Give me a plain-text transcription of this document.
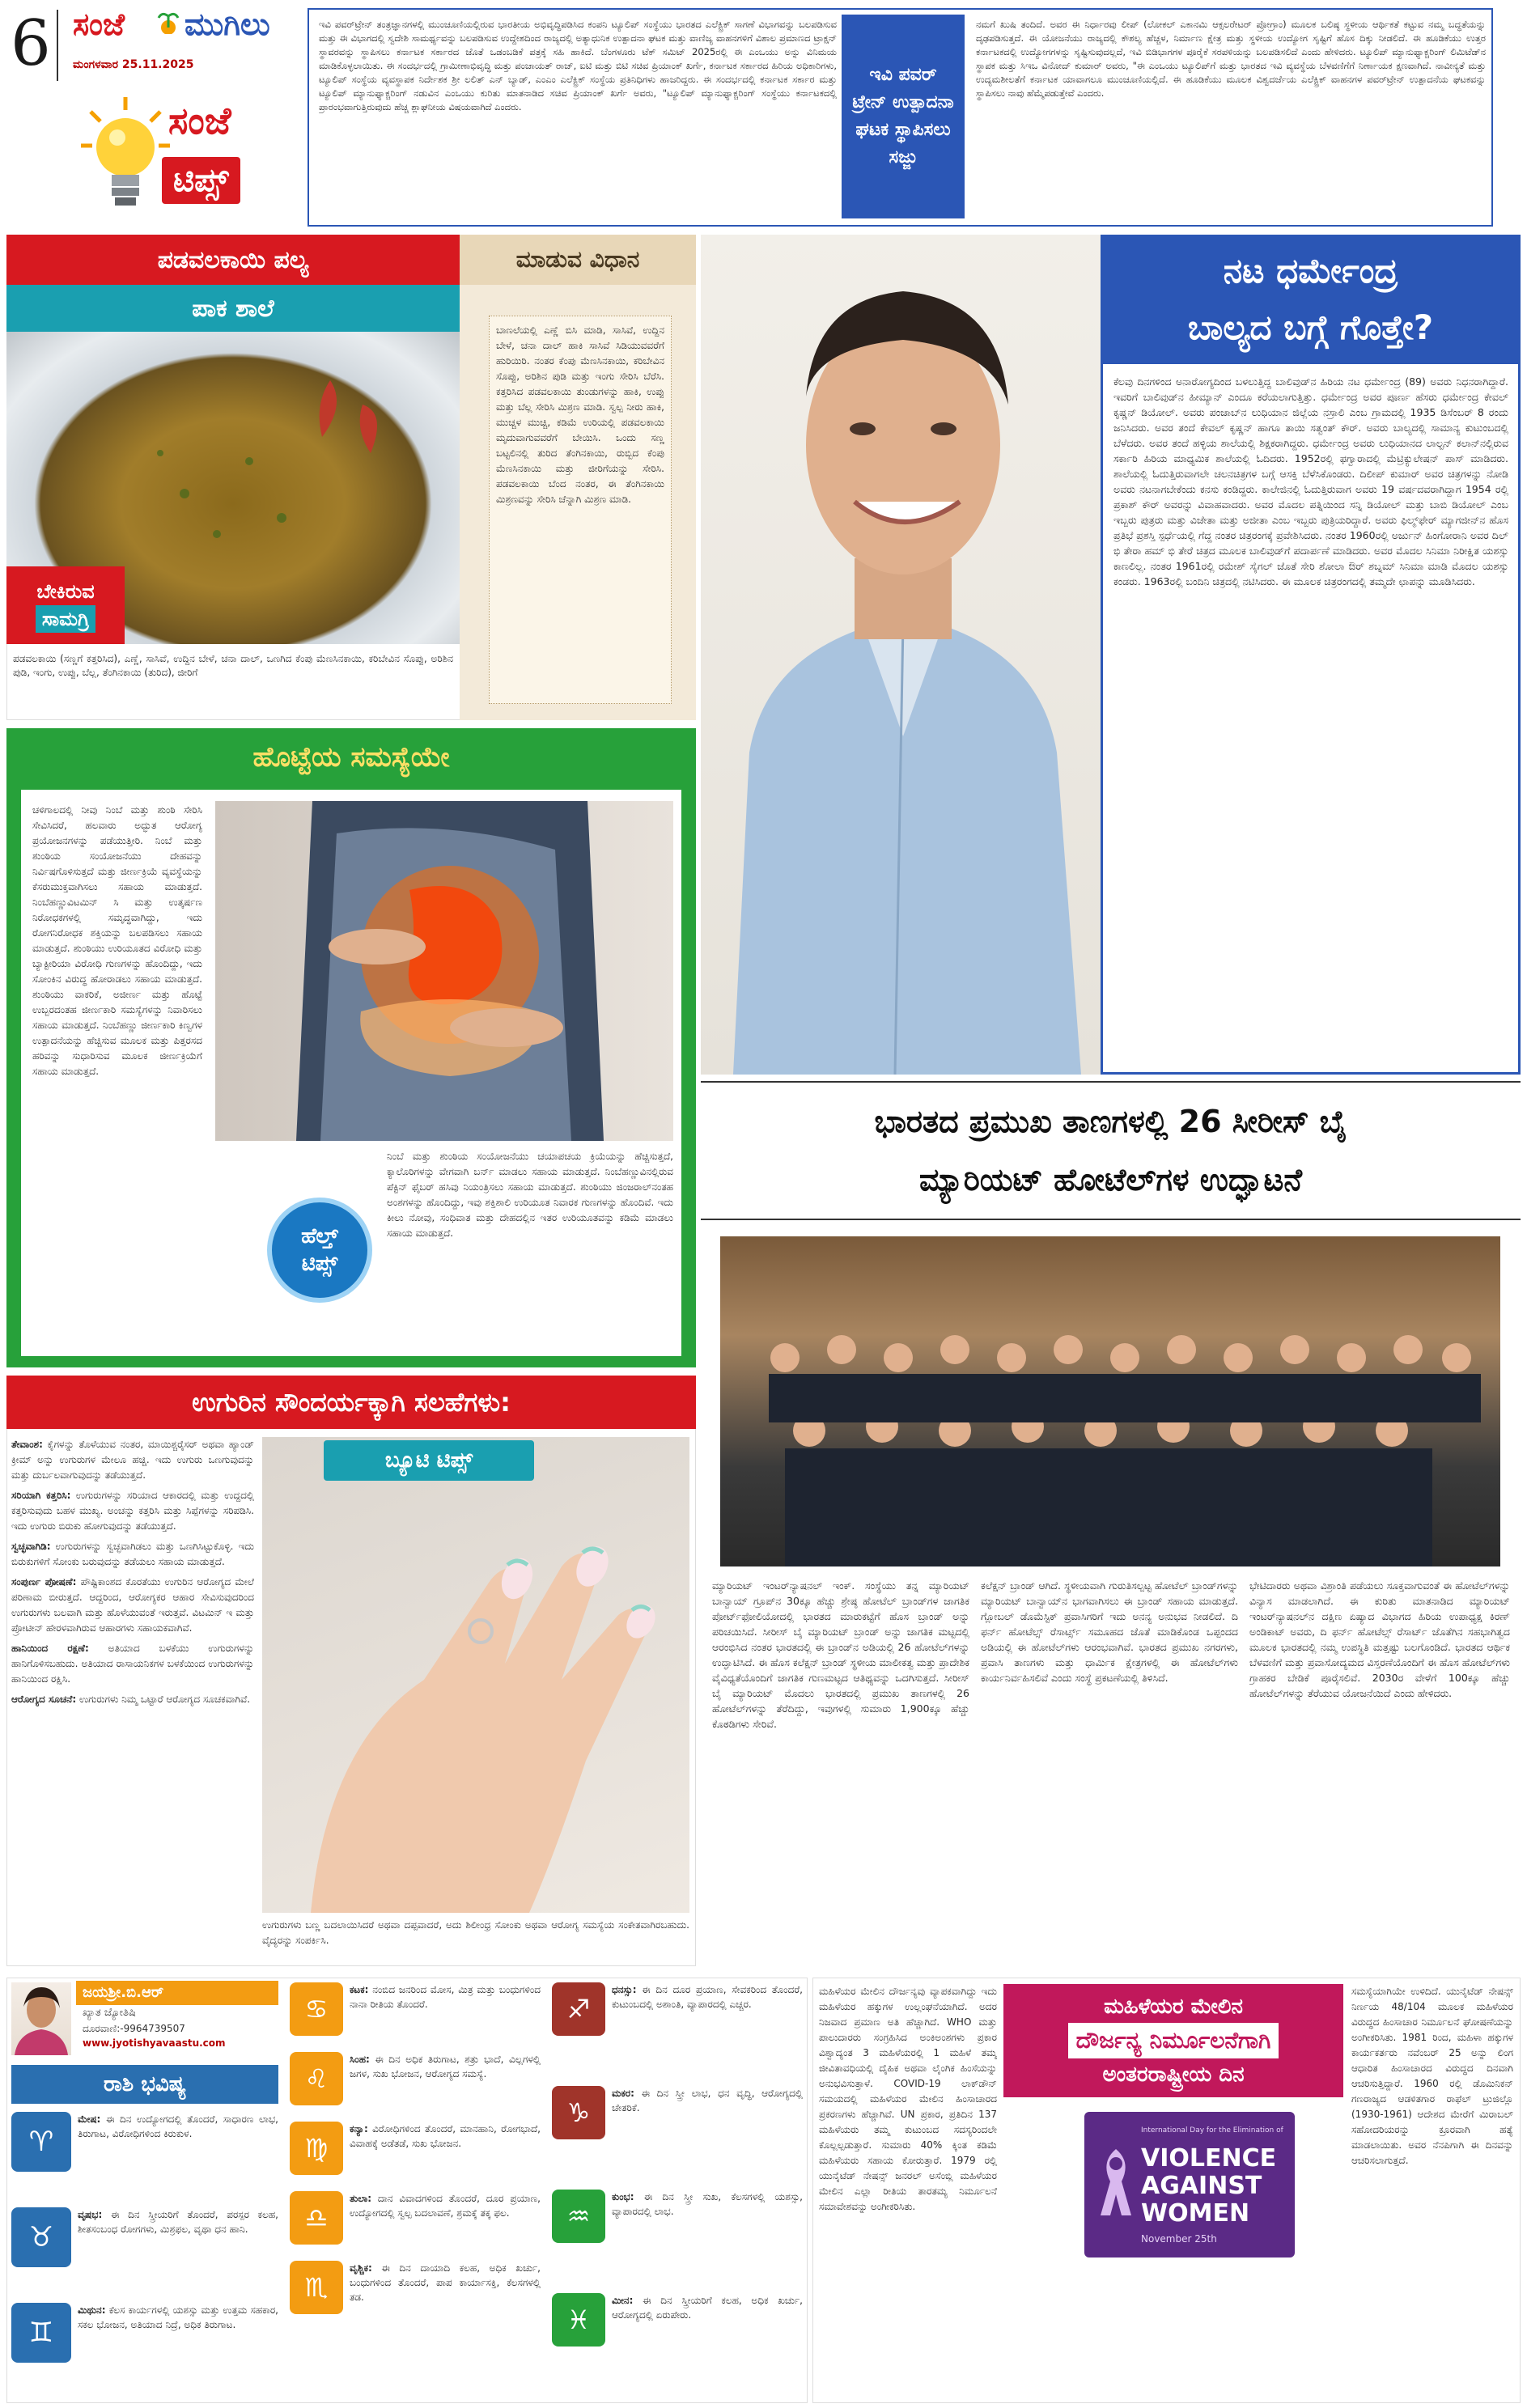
6 ಸಂಜೆ ಮುಗಿಲು
ಮಂಗಳವಾರ 25.11.2025
ಸಂಜೆ
ಟಿಪ್ಸ್
ಇವಿ ಪವರ್‌ಟ್ರೇನ್ ತಂತ್ರಜ್ಞಾನಗಳಲ್ಲಿ ಮುಂಚೂಣಿಯಲ್ಲಿರುವ ಭಾರತೀಯ ಅಭಿವೃದ್ಧಿಪಡಿಸಿದ ಕಂಪನಿ ಟ್ಯೂಲಿಪ್ ಸಂಸ್ಥೆಯು ಭಾರತದ ಎಲೆಕ್ಟ್ರಿಕ್ ಸಾಗಣೆ ವಿಭಾಗವನ್ನು ಬಲಪಡಿಸುವ ಮತ್ತು ಈ ವಿಭಾಗದಲ್ಲಿ ಸ್ವದೇಶಿ ಸಾಮರ್ಥ್ಯವನ್ನು ಬಲಪಡಿಸುವ ಉದ್ದೇಶದಿಂದ ರಾಜ್ಯದಲ್ಲಿ ಅತ್ಯಾಧುನಿಕ ಉತ್ಪಾದನಾ ಘಟಕ ಮತ್ತು ವಾಣಿಜ್ಯ ವಾಹನಗಳಿಗೆ ವಿಶಾಲ ಪ್ರಮಾಣದ ಟ್ರಾಕ್ಷನ್ ಸ್ಥಾವರವನ್ನು ಸ್ಥಾಪಿಸಲು ಕರ್ನಾಟಕ ಸರ್ಕಾರದ ಜೊತೆ ಒಡಂಬಡಿಕೆ ಪತ್ರಕ್ಕೆ ಸಹಿ ಹಾಕಿದೆ. ಬೆಂಗಳೂರು ಟೆಕ್ ಸಮಿಟ್ 2025ರಲ್ಲಿ ಈ ಎಂಒಯು ಅನ್ನು ವಿನಿಮಯ ಮಾಡಿಕೊಳ್ಳಲಾಯಿತು. ಈ ಸಂದರ್ಭದಲ್ಲಿ ಗ್ರಾಮೀಣಾಭಿವೃದ್ಧಿ ಮತ್ತು ಪಂಚಾಯತ್ ರಾಜ್, ಐಟಿ ಮತ್ತು ಬಿಟಿ ಸಚಿವ ಪ್ರಿಯಾಂಕ್ ಖರ್ಗೆ, ಕರ್ನಾಟಕ ಸರ್ಕಾರದ ಹಿರಿಯ ಅಧಿಕಾರಿಗಳು, ಟ್ಯೂಲಿಪ್ ಸಂಸ್ಥೆಯ ವ್ಯವಸ್ಥಾಪಕ ನಿರ್ದೇಶಕ ಶ್ರೀ ಲಲಿತ್ ಎನ್ ಬ್ಯಾಡ್, ಎಂಎಂ ಎಲೆಕ್ಟ್ರಿಕ್ ಸಂಸ್ಥೆಯ ಪ್ರತಿನಿಧಿಗಳು ಹಾಜರಿದ್ದರು. ಈ ಸಂದರ್ಭದಲ್ಲಿ ಕರ್ನಾಟಕ ಸರ್ಕಾರ ಮತ್ತು ಟ್ಯೂಲಿಪ್ ಮ್ಯಾನುಫ್ಯಾಕ್ಚರಿಂಗ್ ನಡುವಿನ ಎಂಒಯು ಕುರಿತು ಮಾತನಾಡಿದ ಸಚಿವ ಪ್ರಿಯಾಂಕ್ ಖರ್ಗೆ ಅವರು, "ಟ್ಯೂಲಿಪ್ ಮ್ಯಾನುಫ್ಯಾಕ್ಚರಿಂಗ್ ಸಂಸ್ಥೆಯು ಕರ್ನಾಟಕದಲ್ಲಿ ಪ್ರಾರಂಭವಾಗುತ್ತಿರುವುದು ಹೆಚ್ಚ ಶ್ಲಾಘನೀಯ ವಿಷಯವಾಗಿದೆ ಎಂದರು.
ನಮಗೆ ಖುಷಿ ತಂದಿದೆ. ಅವರ ಈ ನಿರ್ಧಾರವು ಲೀಪ್ (ಲೋಕಲ್ ಎಕಾನಮಿ ಆಕ್ಸಲರೇಟರ್ ಪ್ರೋಗ್ರಾಂ) ಮೂಲಕ ಬಲಿಷ್ಠ ಸ್ಥಳೀಯ ಆರ್ಥಿಕತೆ ಕಟ್ಟುವ ನಮ್ಮ ಬದ್ಧತೆಯನ್ನು ದೃಢಪಡಿಸುತ್ತದೆ. ಈ ಯೋಜನೆಯು ರಾಜ್ಯದಲ್ಲಿ ಕೌಶಲ್ಯ ಹೆಚ್ಚಳ, ನಿರ್ಮಾಣ ಕ್ಷೇತ್ರ ಮತ್ತು ಸ್ಥಳೀಯ ಉದ್ಯೋಗ ಸೃಷ್ಟಿಗೆ ಹೊಸ ದಿಕ್ಕು ನೀಡಲಿದೆ. ಈ ಹೂಡಿಕೆಯು ಉತ್ತರ ಕರ್ನಾಟಕದಲ್ಲಿ ಉದ್ಯೋಗಗಳನ್ನು ಸೃಷ್ಟಿಸುವುದಲ್ಲದೆ, ಇವಿ ಬಿಡಿಭಾಗಗಳ ಪೂರೈಕೆ ಸರಪಳಿಯನ್ನು ಬಲಪಡಿಸಲಿದೆ ಎಂದು ಹೇಳಿದರು. ಟ್ಯೂಲಿಪ್ ಮ್ಯಾನುಫ್ಯಾಕ್ಚರಿಂಗ್ ಲಿಮಿಟೆಡ್‌ನ ಸ್ಥಾಪಕ ಮತ್ತು ಸಿಇಒ ವಿನೋದ್ ಕುಮಾರ್ ಅವರು, "ಈ ಎಂಒಯು ಟ್ಯೂಲಿಪ್‌ಗೆ ಮತ್ತು ಭಾರತದ ಇವಿ ವ್ಯವಸ್ಥೆಯ ಬೆಳವಣಿಗೆಗೆ ನಿರ್ಣಾಯಕ ಕ್ಷಣವಾಗಿದೆ. ನಾವೀನ್ಯತೆ ಮತ್ತು ಉದ್ಯಮಶೀಲತೆಗೆ ಕರ್ನಾಟಕ ಯಾವಾಗಲೂ ಮುಂಚೂಣಿಯಲ್ಲಿದೆ. ಈ ಹೂಡಿಕೆಯು ಮೂಲಕ ವಿಶ್ವದರ್ಜೆಯ ಎಲೆಕ್ಟ್ರಿಕ್ ವಾಹನಗಳ ಪವರ್‌ಟ್ರೇನ್ ಉತ್ಪಾದನೆಯ ಘಟಕವನ್ನು ಸ್ಥಾಪಿಸಲು ನಾವು ಹೆಮ್ಮೆಪಡುತ್ತೇವೆ ಎಂದರು.
ಇವಿ ಪವರ್ ಟ್ರೇನ್ ಉತ್ಪಾದನಾ ಘಟಕ ಸ್ಥಾಪಿಸಲು ಸಜ್ಜು
ಪಡವಲಕಾಯಿ ಪಲ್ಯ	ಮಾಡುವ ವಿಧಾನ
ಪಾಕ ಶಾಲೆ
ಬೇಕಿರುವ
ಸಾಮಗ್ರಿ
ಪಡವಲಕಾಯಿ (ಸಣ್ಣಗೆ ಕತ್ತರಿಸಿದ), ಎಣ್ಣೆ, ಸಾಸಿವೆ, ಉದ್ದಿನ ಬೇಳೆ, ಚನಾ ದಾಲ್, ಒಣಗಿದ ಕೆಂಪು ಮೆಣಸಿನಕಾಯಿ, ಕರಿಬೇವಿನ ಸೊಪ್ಪು, ಅರಿಶಿನ ಪುಡಿ, ಇಂಗು, ಉಪ್ಪು, ಬೆಲ್ಲ, ತೆಂಗಿನಕಾಯಿ (ತುರಿದ), ಜೀರಿಗೆ
ಬಾಣಲೆಯಲ್ಲಿ ಎಣ್ಣೆ ಬಿಸಿ ಮಾಡಿ, ಸಾಸಿವೆ, ಉದ್ದಿನ ಬೇಳೆ, ಚನಾ ದಾಲ್ ಹಾಕಿ ಸಾಸಿವೆ ಸಿಡಿಯುವವರೆಗೆ ಹುರಿಯಿರಿ. ನಂತರ ಕೆಂಪು ಮೆಣಸಿನಕಾಯಿ, ಕರಿಬೇವಿನ ಸೊಪ್ಪು, ಅರಿಶಿನ ಪುಡಿ ಮತ್ತು ಇಂಗು ಸೇರಿಸಿ ಬೆರೆಸಿ. ಕತ್ತರಿಸಿದ ಪಡವಲಕಾಯಿ ತುಂಡುಗಳನ್ನು ಹಾಕಿ, ಉಪ್ಪು ಮತ್ತು ಬೆಲ್ಲ ಸೇರಿಸಿ ಮಿಶ್ರಣ ಮಾಡಿ. ಸ್ವಲ್ಪ ನೀರು ಹಾಕಿ, ಮುಚ್ಚಳ ಮುಚ್ಚಿ, ಕಡಿಮೆ ಉರಿಯಲ್ಲಿ ಪಡವಲಕಾಯಿ ಮೃದುವಾಗುವವರೆಗೆ ಬೇಯಿಸಿ. ಒಂದು ಸಣ್ಣ ಬಟ್ಟಲಿನಲ್ಲಿ ತುರಿದ ತೆಂಗಿನಕಾಯಿ, ರುಬ್ಬಿದ ಕೆಂಪು ಮೆಣಸಿನಕಾಯಿ ಮತ್ತು ಜೀರಿಗೆಯನ್ನು ಸೇರಿಸಿ. ಪಡವಲಕಾಯಿ ಬೆಂದ ನಂತರ, ಈ ತೆಂಗಿನಕಾಯಿ ಮಿಶ್ರಣವನ್ನು ಸೇರಿಸಿ ಚೆನ್ನಾಗಿ ಮಿಶ್ರಣ ಮಾಡಿ.
ನಟ ಧರ್ಮೇಂದ್ರ
ಬಾಲ್ಯದ ಬಗ್ಗೆ ಗೊತ್ತೇ?
ಕೆಲವು ದಿನಗಳಿಂದ ಅನಾರೋಗ್ಯದಿಂದ ಬಳಲುತ್ತಿದ್ದ ಬಾಲಿವುಡ್‌ನ ಹಿರಿಯ ನಟ ಧರ್ಮೇಂದ್ರ (89) ಅವರು ನಿಧನರಾಗಿದ್ದಾರೆ. ಇವರಿಗೆ ಬಾಲಿವುಡ್‌ನ ಹೀಮ್ಯಾನ್ ಎಂದೂ ಕರೆಯಲಾಗುತ್ತಿತ್ತು. ಧರ್ಮೇಂದ್ರ ಅವರ ಪೂರ್ಣ ಹೆಸರು ಧರ್ಮೇಂದ್ರ ಕೇವಲ್ ಕೃಷ್ಣನ್ ಡಿಯೋಲ್. ಅವರು ಪಂಜಾಬ್‌ನ ಲುಧಿಯಾನ ಜಿಲ್ಲೆಯ ನಸ್ರಾಲಿ ಎಂಬ ಗ್ರಾಮದಲ್ಲಿ 1935 ಡಿಸೆಂಬರ್ 8 ರಂದು ಜನಿಸಿದರು. ಅವರ ತಂದೆ ಕೇವಲ್ ಕೃಷ್ಣನ್ ಹಾಗೂ ತಾಯಿ ಸತ್ವಂತ್ ಕೌರ್. ಅವರು ಬಾಲ್ಯದಲ್ಲಿ ಸಾಮಾನ್ಯ ಕುಟುಂಬದಲ್ಲಿ ಬೆಳೆದರು. ಅವರ ತಂದೆ ಹಳ್ಳಿಯ ಶಾಲೆಯಲ್ಲಿ ಶಿಕ್ಷಕರಾಗಿದ್ದರು. ಧರ್ಮೇಂದ್ರ ಅವರು ಲುಧಿಯಾನದ ಲಾಲ್ಟನ್ ಕಲಾನ್‌ನಲ್ಲಿರುವ ಸರ್ಕಾರಿ ಹಿರಿಯ ಮಾಧ್ಯಮಿಕ ಶಾಲೆಯಲ್ಲಿ ಓದಿದರು. 1952ರಲ್ಲಿ ಫಗ್ವಾರಾದಲ್ಲಿ ಮೆಟ್ರಿಕ್ಯುಲೇಷನ್ ಪಾಸ್ ಮಾಡಿದರು. ಶಾಲೆಯಲ್ಲಿ ಓದುತ್ತಿರುವಾಗಲೇ ಚಲನಚಿತ್ರಗಳ ಬಗ್ಗೆ ಆಸಕ್ತಿ ಬೆಳೆಸಿಕೊಂಡರು. ದಿಲೀಪ್ ಕುಮಾರ್ ಅವರ ಚಿತ್ರಗಳನ್ನು ನೋಡಿ ಅವರು ನಟನಾಗಬೇಕೆಂದು ಕನಸು ಕಂಡಿದ್ದರು. ಕಾಲೇಜಿನಲ್ಲಿ ಓದುತ್ತಿರುವಾಗ ಅವರು 19 ವರ್ಷದವರಾಗಿದ್ದಾಗ 1954 ರಲ್ಲಿ ಪ್ರಕಾಶ್ ಕೌರ್ ಅವರನ್ನು ವಿವಾಹವಾದರು. ಅವರ ಮೊದಲ ಪತ್ನಿಯಿಂದ ಸನ್ನಿ ಡಿಯೋಲ್ ಮತ್ತು ಬಾಬಿ ಡಿಯೋಲ್ ಎಂಬ ಇಬ್ಬರು ಪುತ್ರರು ಮತ್ತು ವಿಜೇತಾ ಮತ್ತು ಅಜೀತಾ ಎಂಬ ಇಬ್ಬರು ಪುತ್ರಿಯರಿದ್ದಾರೆ. ಅವರು ಫಿಲ್ಮ್‌ಫೇರ್ ಮ್ಯಾಗಜೀನ್‌ನ ಹೊಸ ಪ್ರತಿಭೆ ಪ್ರಶಸ್ತಿ ಸ್ಪರ್ಧೆಯಲ್ಲಿ ಗೆದ್ದ ನಂತರ ಚಿತ್ರರಂಗಕ್ಕೆ ಪ್ರವೇಶಿಸಿದರು. ನಂತರ 1960ರಲ್ಲಿ ಅರ್ಜುನ್ ಹಿಂಗೋರಾನಿ ಅವರ ದಿಲ್ ಭಿ ತೇರಾ ಹಮ್ ಭಿ ತೇರೆ ಚಿತ್ರದ ಮೂಲಕ ಬಾಲಿವುಡ್‌ಗೆ ಪದಾರ್ಪಣೆ ಮಾಡಿದರು. ಅವರ ಮೊದಲ ಸಿನಿಮಾ ನಿರೀಕ್ಷಿತ ಯಶಸ್ಸು ಕಾಣಲಿಲ್ಲ. ನಂತರ 1961ರಲ್ಲಿ ರಮೇಶ್ ಸೈಗಲ್ ಜೊತೆ ಸೇರಿ ಶೋಲಾ ಔರ್ ಶಬ್ನಮ್ ಸಿನಿಮಾ ಮಾಡಿ ಮೊದಲ ಯಶಸ್ಸು ಕಂಡರು. 1963ರಲ್ಲಿ ಬಂದಿನಿ ಚಿತ್ರದಲ್ಲಿ ನಟಿಸಿದರು. ಈ ಮೂಲಕ ಚಿತ್ರರಂಗದಲ್ಲಿ ತಮ್ಮದೇ ಛಾಪನ್ನು ಮೂಡಿಸಿದರು.
ಹೊಟ್ಟೆಯ ಸಮಸ್ಯೆಯೇ
ಚಳಿಗಾಲದಲ್ಲಿ ನೀವು ನಿಂಬೆ ಮತ್ತು ಶುಂಠಿ ಸೇರಿಸಿ ಸೇವಿಸಿದರೆ, ಹಲವಾರು ಅದ್ಭುತ ಆರೋಗ್ಯ ಪ್ರಯೋಜನಗಳನ್ನು ಪಡೆಯುತ್ತೀರಿ. ನಿಂಬೆ ಮತ್ತು ಶುಂಠಿಯ ಸಂಯೋಜನೆಯು ದೇಹವನ್ನು ನಿರ್ವಿಷಗೊಳಿಸುತ್ತದೆ ಮತ್ತು ಜೀರ್ಣಕ್ರಿಯೆ ವ್ಯವಸ್ಥೆಯನ್ನು ಕೆಸರುಮುಕ್ತವಾಗಿಸಲು ಸಹಾಯ ಮಾಡುತ್ತದೆ. ನಿಂಬೆಹಣ್ಣುವಿಟಮಿನ್ ಸಿ ಮತ್ತು ಉತ್ಕರ್ಷಣ ನಿರೋಧಕಗಳಲ್ಲಿ ಸಮೃದ್ಧವಾಗಿದ್ದು, ಇದು ರೋಗನಿರೋಧಕ ಶಕ್ತಿಯನ್ನು ಬಲಪಡಿಸಲು ಸಹಾಯ ಮಾಡುತ್ತದೆ. ಶುಂಠಿಯು ಉರಿಯೂತದ ವಿರೋಧಿ ಮತ್ತು ಬ್ಯಾಕ್ಟೀರಿಯಾ ವಿರೋಧಿ ಗುಣಗಳನ್ನು ಹೊಂದಿದ್ದು, ಇದು ಸೋಂಕಿನ ವಿರುದ್ಧ ಹೋರಾಡಲು ಸಹಾಯ ಮಾಡುತ್ತದೆ. ಶುಂಠಿಯು ವಾಕರಿಕೆ, ಅಜೀರ್ಣ ಮತ್ತು ಹೊಟ್ಟೆ ಉಬ್ಬರದಂತಹ ಜೀರ್ಣಕಾರಿ ಸಮಸ್ಯೆಗಳನ್ನು ನಿವಾರಿಸಲು ಸಹಾಯ ಮಾಡುತ್ತದೆ. ನಿಂಬೆಹಣ್ಣು ಜೀರ್ಣಕಾರಿ ಕಿಣ್ವಗಳ ಉತ್ಪಾದನೆಯನ್ನು ಹೆಚ್ಚಿಸುವ ಮೂಲಕ ಮತ್ತು ಪಿತ್ತರಸದ ಹರಿವನ್ನು ಸುಧಾರಿಸುವ ಮೂಲಕ ಜೀರ್ಣಕ್ರಿಯೆಗೆ ಸಹಾಯ ಮಾಡುತ್ತದೆ.
ಹೆಲ್ತ್
ಟಿಪ್ಸ್
ನಿಂಬೆ ಮತ್ತು ಶುಂಠಿಯ ಸಂಯೋಜನೆಯು ಚಯಾಪಚಯ ಕ್ರಿಯೆಯನ್ನು ಹೆಚ್ಚಿಸುತ್ತದೆ, ಕ್ಯಾಲೊರಿಗಳನ್ನು ವೇಗವಾಗಿ ಬರ್ನ್ ಮಾಡಲು ಸಹಾಯ ಮಾಡುತ್ತದೆ. ನಿಂಬೆಹಣ್ಣುವಿನಲ್ಲಿರುವ ಪೆಕ್ಟಿನ್ ಫೈಬರ್ ಹಸಿವು ನಿಯಂತ್ರಿಸಲು ಸಹಾಯ ಮಾಡುತ್ತದೆ. ಶುಂಠಿಯು ಜಿಂಜರಾಲ್‌ನಂತಹ ಅಂಶಗಳನ್ನು ಹೊಂದಿದ್ದು, ಇವು ಶಕ್ತಿಶಾಲಿ ಉರಿಯೂತ ನಿವಾರಕ ಗುಣಗಳನ್ನು ಹೊಂದಿವೆ. ಇದು ಕೀಲು ನೋವು, ಸಂಧಿವಾತ ಮತ್ತು ದೇಹದಲ್ಲಿನ ಇತರ ಉರಿಯೂತವನ್ನು ಕಡಿಮೆ ಮಾಡಲು ಸಹಾಯ ಮಾಡುತ್ತದೆ.
ಉಗುರಿನ ಸೌಂದರ್ಯಕ್ಕಾಗಿ ಸಲಹೆಗಳು:
ತೇವಾಂಶ: ಕೈಗಳನ್ನು ತೊಳೆಯುವ ನಂತರ, ಮಾಯಿಶ್ಚರೈಸರ್ ಅಥವಾ ಹ್ಯಾಂಡ್ ಕ್ರೀಮ್ ಅನ್ನು ಉಗುರುಗಳ ಮೇಲೂ ಹಚ್ಚಿ. ಇದು ಉಗುರು ಒಣಗುವುದನ್ನು ಮತ್ತು ದುರ್ಬಲವಾಗುವುದನ್ನು ತಡೆಯುತ್ತದೆ.
ಸರಿಯಾಗಿ ಕತ್ತರಿಸಿ: ಉಗುರುಗಳನ್ನು ಸರಿಯಾದ ಆಕಾರದಲ್ಲಿ ಮತ್ತು ಉದ್ದದಲ್ಲಿ ಕತ್ತರಿಸುವುದು ಬಹಳ ಮುಖ್ಯ. ಅಂಚನ್ನು ಕತ್ತರಿಸಿ ಮತ್ತು ಸಿಪ್ಪೆಗಳನ್ನು ಸರಿಪಡಿಸಿ. ಇದು ಉಗುರು ಬಿರುಕು ಹೋಗುವುದನ್ನು ತಡೆಯುತ್ತದೆ.
ಸ್ವಚ್ಛವಾಗಿಡಿ: ಉಗುರುಗಳನ್ನು ಸ್ವಚ್ಛವಾಗಿಡಲು ಮತ್ತು ಒಣಗಿಸಿಟ್ಟುಕೊಳ್ಳಿ. ಇದು ಬಿರುಕುಗಳಿಗೆ ಸೋಂಕು ಬರುವುದನ್ನು ತಡೆಯಲು ಸಹಾಯ ಮಾಡುತ್ತದೆ.
ಸಂಪುರ್ಣ ಪೋಷಣೆ: ಪೌಷ್ಟಿಕಾಂಶದ ಕೊರತೆಯು ಉಗುರಿನ ಆರೋಗ್ಯದ ಮೇಲೆ ಪರಿಣಾಮ ಬೀರುತ್ತದೆ. ಆದ್ದರಿಂದ, ಆರೋಗ್ಯಕರ ಆಹಾರ ಸೇವಿಸುವುದರಿಂದ ಉಗುರುಗಳು ಬಲವಾಗಿ ಮತ್ತು ಹೊಳೆಯುವಂತೆ ಇರುತ್ತವೆ. ವಿಟಮಿನ್ ಇ ಮತ್ತು ಪ್ರೋಟೀನ್ ಹೇರಳವಾಗಿರುವ ಆಹಾರಗಳು ಸಹಾಯಕವಾಗಿವೆ.
ಹಾನಿಯಿಂದ ರಕ್ಷಣೆ: ಅತಿಯಾದ ಬಳಕೆಯು ಉಗುರುಗಳನ್ನು ಹಾನಿಗೊಳಿಸಬಹುದು. ಅತಿಯಾದ ರಾಸಾಯನಿಕಗಳ ಬಳಕೆಯಿಂದ ಉಗುರುಗಳನ್ನು ಹಾನಿಯಿಂದ ರಕ್ಷಿಸಿ.
ಆರೋಗ್ಯದ ಸೂಚನೆ: ಉಗುರುಗಳು ನಿಮ್ಮ ಒಟ್ಟಾರೆ ಆರೋಗ್ಯದ ಸೂಚಕವಾಗಿವೆ.
ಬ್ಯೂಟಿ ಟಿಪ್ಸ್
ಉಗುರುಗಳು ಬಣ್ಣ ಬದಲಾಯಿಸಿದರೆ ಅಥವಾ ದಪ್ಪವಾದರೆ, ಅದು ಶಿಲೀಂಧ್ರ ಸೋಂಕು ಅಥವಾ ಆರೋಗ್ಯ ಸಮಸ್ಯೆಯ ಸಂಕೇತವಾಗಿರಬಹುದು. ವೈದ್ಯರನ್ನು ಸಂಪರ್ಕಿಸಿ.
ಭಾರತದ ಪ್ರಮುಖ ತಾಣಗಳಲ್ಲಿ 26 ಸೀರೀಸ್ ಬೈ
ಮ್ಯಾರಿಯಟ್ ಹೋಟೆಲ್‌ಗಳ ಉದ್ಘಾಟನೆ
ಮ್ಯಾರಿಯಟ್ ಇಂಟರ್‌ನ್ಯಾಷನಲ್ ಇಂಕ್. ಸಂಸ್ಥೆಯು ತನ್ನ ಮ್ಯಾರಿಯಟ್ ಬಾನ್ವಾಯ್ ಗ್ರೂಪ್‌ನ 30ಕ್ಕೂ ಹೆಚ್ಚು ಶ್ರೇಷ್ಠ ಹೋಟೆಲ್ ಬ್ರಾಂಡ್‌ಗಳ ಜಾಗತಿಕ ಪೋರ್ಟ್‌ಫೋಲಿಯೋದಲ್ಲಿ ಭಾರತದ ಮಾರುಕಟ್ಟೆಗೆ ಹೊಸ ಬ್ರಾಂಡ್ ಅನ್ನು ಪರಿಚಯಿಸಿದೆ. ಸೀರೀಸ್ ಬೈ ಮ್ಯಾರಿಯಟ್ ಬ್ರಾಂಡ್ ಅನ್ನು ಜಾಗತಿಕ ಮಟ್ಟದಲ್ಲಿ ಆರಂಭಿಸಿದ ನಂತರ ಭಾರತದಲ್ಲಿ ಈ ಬ್ರಾಂಡ್‌ನ ಅಡಿಯಲ್ಲಿ 26 ಹೋಟೆಲ್‌ಗಳನ್ನು ಉದ್ಘಾಟಿಸಿದೆ. ಈ ಹೊಸ ಕಲೆಕ್ಷನ್ ಬ್ರಾಂಡ್ ಸ್ಥಳೀಯ ಮಾಲೀಕತ್ವ ಮತ್ತು ಪ್ರಾದೇಶಿಕ ವೈವಿಧ್ಯತೆಯೊಂದಿಗೆ ಜಾಗತಿಕ ಗುಣಮಟ್ಟದ ಆತಿಥ್ಯವನ್ನು ಒದಗಿಸುತ್ತದೆ. ಸೀರೀಸ್ ಬೈ ಮ್ಯಾರಿಯಟ್ ಮೊದಲು ಭಾರತದಲ್ಲಿ ಪ್ರಮುಖ ತಾಣಗಳಲ್ಲಿ 26 ಹೋಟೆಲ್‌ಗಳನ್ನು ತೆರೆದಿದ್ದು, ಇವುಗಳಲ್ಲಿ ಸುಮಾರು 1,900ಕ್ಕೂ ಹೆಚ್ಚು ಕೊಠಡಿಗಳು ಸೇರಿವೆ.
ಕಲೆಕ್ಷನ್ ಬ್ರಾಂಡ್ ಆಗಿದೆ. ಸ್ಥಳೀಯವಾಗಿ ಗುರುತಿಸಲ್ಪಟ್ಟ ಹೋಟೆಲ್ ಬ್ರಾಂಡ್‌ಗಳನ್ನು ಮ್ಯಾರಿಯಟ್ ಬಾನ್ವಾಯ್‌ನ ಭಾಗವಾಗಿಸಲು ಈ ಬ್ರಾಂಡ್ ಸಹಾಯ ಮಾಡುತ್ತದೆ. ಗ್ಲೋಬಲ್ ಡೊಮೆಸ್ಟಿಕ್ ಪ್ರವಾಸಿಗರಿಗೆ ಇದು ಅನನ್ಯ ಅನುಭವ ನೀಡಲಿದೆ. ದಿ ಫರ್ನ್ ಹೋಟೆಲ್ಸ್ ರೆಸಾರ್ಟ್ಸ್ ಸಮೂಹದ ಜೊತೆ ಮಾಡಿಕೊಂಡ ಒಪ್ಪಂದದ ಅಡಿಯಲ್ಲಿ ಈ ಹೋಟೆಲ್‌ಗಳು ಆರಂಭವಾಗಿವೆ. ಭಾರತದ ಪ್ರಮುಖ ನಗರಗಳು, ಪ್ರವಾಸಿ ತಾಣಗಳು ಮತ್ತು ಧಾರ್ಮಿಕ ಕ್ಷೇತ್ರಗಳಲ್ಲಿ ಈ ಹೋಟೆಲ್‌ಗಳು ಕಾರ್ಯನಿರ್ವಹಿಸಲಿವೆ ಎಂದು ಸಂಸ್ಥೆ ಪ್ರಕಟಣೆಯಲ್ಲಿ ತಿಳಿಸಿದೆ.
ಭೇಟಿದಾರರು ಅಥವಾ ವಿಶ್ರಾಂತಿ ಪಡೆಯಲು ಸೂಕ್ತವಾಗುವಂತೆ ಈ ಹೋಟೆಲ್‌ಗಳನ್ನು ವಿನ್ಯಾಸ ಮಾಡಲಾಗಿದೆ. ಈ ಕುರಿತು ಮಾತನಾಡಿದ ಮ್ಯಾರಿಯಟ್ ಇಂಟರ್‌ನ್ಯಾಷನಲ್‌ನ ದಕ್ಷಿಣ ಏಷ್ಯಾದ ವಿಭಾಗದ ಹಿರಿಯ ಉಪಾಧ್ಯಕ್ಷ ಕಿರಣ್ ಅಂಡಿಕಾಟ್ ಅವರು, ದಿ ಫರ್ನ್ ಹೋಟೆಲ್ಸ್ ರೆಸಾರ್ಟ್ ಜೊತೆಗಿನ ಸಹಭಾಗಿತ್ವದ ಮೂಲಕ ಭಾರತದಲ್ಲಿ ನಮ್ಮ ಉಪಸ್ಥಿತಿ ಮತ್ತಷ್ಟು ಬಲಗೊಂಡಿದೆ. ಭಾರತದ ಆರ್ಥಿಕ ಬೆಳವಣಿಗೆ ಮತ್ತು ಪ್ರವಾಸೋದ್ಯಮದ ವಿಸ್ತರಣೆಯೊಂದಿಗೆ ಈ ಹೊಸ ಹೋಟೆಲ್‌ಗಳು ಗ್ರಾಹಕರ ಬೇಡಿಕೆ ಪೂರೈಸಲಿವೆ. 2030ರ ವೇಳೆಗೆ 100ಕ್ಕೂ ಹೆಚ್ಚು ಹೋಟೆಲ್‌ಗಳನ್ನು ತೆರೆಯುವ ಯೋಜನೆಯಿದೆ ಎಂದು ಹೇಳಿದರು.
ಜಯಶ್ರೀ.ಬಿ.ಆರ್
ಖ್ಯಾತ ಜ್ಯೋತಿಷಿ
ದೂರವಾಣಿ:-9964739507
www.jyotishyavaastu.com
ರಾಶಿ ಭವಿಷ್ಯ
♈
ಮೇಷ: ಈ ದಿನ ಉದ್ಯೋಗದಲ್ಲಿ ತೊಂದರೆ, ಸಾಧಾರಣ ಲಾಭ, ತಿರುಗಾಟ, ವಿರೋಧಿಗಳಿಂದ ಕಿರುಕುಳ.
♉
ವೃಷಭ: ಈ ದಿನ ಸ್ತ್ರೀಯರಿಗೆ ತೊಂದರೆ, ಪರಸ್ಪರ ಕಲಹ, ಶೀತಸಂಬಂಧ ರೋಗಗಳು, ಮಿಶ್ರಫಲ, ವೃಥಾ ಧನ ಹಾನಿ.
♊
ಮಿಥುನ: ಕೆಲಸ ಕಾರ್ಯಗಳಲ್ಲಿ ಯಶಸ್ಸು ಮತ್ತು ಉತ್ತಮ ಸಹಕಾರ, ಸಕಲ ಭೋಜನ, ಅತಿಯಾದ ನಿದ್ರೆ, ಅಧಿಕ ತಿರುಗಾಟ.
♋
ಕಟಕ: ನಂಬಿದ ಜನರಿಂದ ಮೋಸ, ಮಿತ್ರ ಮತ್ತು ಬಂಧುಗಳಿಂದ ನಾನಾ ರೀತಿಯ ತೊಂದರೆ.
♌
ಸಿಂಹ: ಈ ದಿನ ಅಧಿಕ ತಿರುಗಾಟ, ಶತ್ರು ಭಾದೆ, ವಿಲ್ಲಗಳಲ್ಲಿ ಜಗಳ, ಸುಖ ಭೋಜನ, ಆರೋಗ್ಯದ ಸಮಸ್ಯೆ.
♍
ಕನ್ಯಾ: ವಿರೋಧಿಗಳಿಂದ ತೊಂದರೆ, ಮಾನಹಾನಿ, ರೋಗಭಾದೆ, ವಿವಾಹಕ್ಕೆ ಅಡೆತಡೆ, ಸುಖ ಭೋಜನ.
♎
ತುಲಾ: ದಾನ ವಿವಾದಗಳಿಂದ ತೊಂದರೆ, ದೂರ ಪ್ರಯಾಣ, ಉದ್ಯೋಗದಲ್ಲಿ ಸ್ವಲ್ಪ ಬದಲಾವಣೆ, ಶ್ರಮಕ್ಕೆ ತಕ್ಕ ಫಲ.
♏
ವೃಶ್ಚಿಕ: ಈ ದಿನ ದಾಯಾದಿ ಕಲಹ, ಅಧಿಕ ಖರ್ಚು, ಬಂಧುಗಳಿಂದ ತೊಂದರೆ, ಪಾಪ ಕಾರ್ಯಾಸಕ್ತಿ, ಕೆಲಸಗಳಲ್ಲಿ ತಡ.
♐
ಧನಸ್ಸು: ಈ ದಿನ ದೂರ ಪ್ರಯಾಣ, ಸೇವಕರಿಂದ ತೊಂದರೆ, ಕುಟುಂಬದಲ್ಲಿ ಅಶಾಂತಿ, ವ್ಯಾಪಾರದಲ್ಲಿ ಎಚ್ಚರ.
♑
ಮಕರ: ಈ ದಿನ ಸ್ತ್ರೀ ಲಾಭ, ಧನ ವೃದ್ಧಿ, ಆರೋಗ್ಯದಲ್ಲಿ ಚೇತರಿಕೆ.
♒
ಕುಂಭ: ಈ ದಿನ ಸ್ತ್ರೀ ಸುಖ, ಕೆಲಸಗಳಲ್ಲಿ ಯಶಸ್ಸು, ವ್ಯಾಪಾರದಲ್ಲಿ ಲಾಭ.
♓
ಮೀನ: ಈ ದಿನ ಸ್ತ್ರೀಯರಿಗೆ ಕಲಹ, ಅಧಿಕ ಖರ್ಚು, ಆರೋಗ್ಯದಲ್ಲಿ ಏರುಪೇರು.
ಮಹಿಳೆಯರ ಮೇಲಿನ ದೌರ್ಜನ್ಯವು ವ್ಯಾಪಕವಾಗಿದ್ದು ಇದು ಮಹಿಳೆಯರ ಹಕ್ಕುಗಳ ಉಲ್ಲಂಘನೆಯಾಗಿದೆ. ಅದರ ನಿಜವಾದ ಪ್ರಮಾಣ ಅತಿ ಹೆಚ್ಚಾಗಿದೆ. WHO ಮತ್ತು ಪಾಲುದಾರರು ಸಂಗ್ರಹಿಸಿದ ಅಂಕಿಅಂಶಗಳು ಪ್ರಕಾರ ವಿಶ್ವಾದ್ಯಂತ 3 ಮಹಿಳೆಯರಲ್ಲಿ 1 ಮಹಿಳೆ ತಮ್ಮ ಜೀವಿತಾವಧಿಯಲ್ಲಿ ದೈಹಿಕ ಅಥವಾ ಲೈಂಗಿಕ ಹಿಂಸೆಯನ್ನು ಅನುಭವಿಸುತ್ತಾಳೆ. COVID-19 ಲಾಕ್‌ಡೌನ್ ಸಮಯದಲ್ಲಿ ಮಹಿಳೆಯರ ಮೇಲಿನ ಹಿಂಸಾಚಾರದ ಪ್ರಕರಣಗಳು ಹೆಚ್ಚಾಗಿವೆ. UN ಪ್ರಕಾರ, ಪ್ರತಿದಿನ 137 ಮಹಿಳೆಯರು ತಮ್ಮ ಕುಟುಂಬದ ಸದಸ್ಯರಿಂದಲೇ ಕೊಲ್ಲಲ್ಪಡುತ್ತಾರೆ. ಸುಮಾರು 40% ಕ್ಕಿಂತ ಕಡಿಮೆ ಮಹಿಳೆಯರು ಸಹಾಯ ಕೋರುತ್ತಾರೆ. 1979 ರಲ್ಲಿ ಯುನೈಟೆಡ್ ನೇಷನ್ಸ್ ಜನರಲ್ ಅಸೆಂಬ್ಲಿ ಮಹಿಳೆಯರ ಮೇಲಿನ ಎಲ್ಲಾ ರೀತಿಯ ತಾರತಮ್ಯ ನಿರ್ಮೂಲನೆ ಸಮಾವೇಶವನ್ನು ಅಂಗೀಕರಿಸಿತು.
ಮಹಿಳೆಯರ ಮೇಲಿನ
ದೌರ್ಜನ್ಯ ನಿರ್ಮೂಲನೆಗಾಗಿ
ಅಂತರರಾಷ್ಟ್ರೀಯ ದಿನ
International Day for the Elimination of
VIOLENCE
AGAINST
WOMEN
November 25th
ಸಮಸ್ಯೆಯಾಗಿಯೇ ಉಳಿದಿದೆ. ಯುನೈಟೆಡ್ ನೇಷನ್ಸ್ ನಿರ್ಣಯ 48/104 ಮೂಲಕ ಮಹಿಳೆಯರ ವಿರುದ್ಧದ ಹಿಂಸಾಚಾರ ನಿರ್ಮೂಲನೆ ಘೋಷಣೆಯನ್ನು ಅಂಗೀಕರಿಸಿತು. 1981 ರಿಂದ, ಮಹಿಳಾ ಹಕ್ಕುಗಳ ಕಾರ್ಯಕರ್ತರು ನವೆಂಬರ್ 25 ಅನ್ನು ಲಿಂಗ ಆಧಾರಿತ ಹಿಂಸಾಚಾರದ ವಿರುದ್ಧದ ದಿನವಾಗಿ ಆಚರಿಸುತ್ತಿದ್ದಾರೆ. 1960 ರಲ್ಲಿ ಡೊಮಿನಿಕನ್ ಗಣರಾಜ್ಯದ ಆಡಳಿತಗಾರ ರಾಫೆಲ್ ಟ್ರುಜಿಲ್ಲೊ (1930-1961) ಆದೇಶದ ಮೇರೆಗೆ ಮಿರಾಬಲ್ ಸಹೋದರಿಯರನ್ನು ಕ್ರೂರವಾಗಿ ಹತ್ಯೆ ಮಾಡಲಾಯಿತು. ಅವರ ನೆನಪಿಗಾಗಿ ಈ ದಿನವನ್ನು ಆಚರಿಸಲಾಗುತ್ತದೆ.
